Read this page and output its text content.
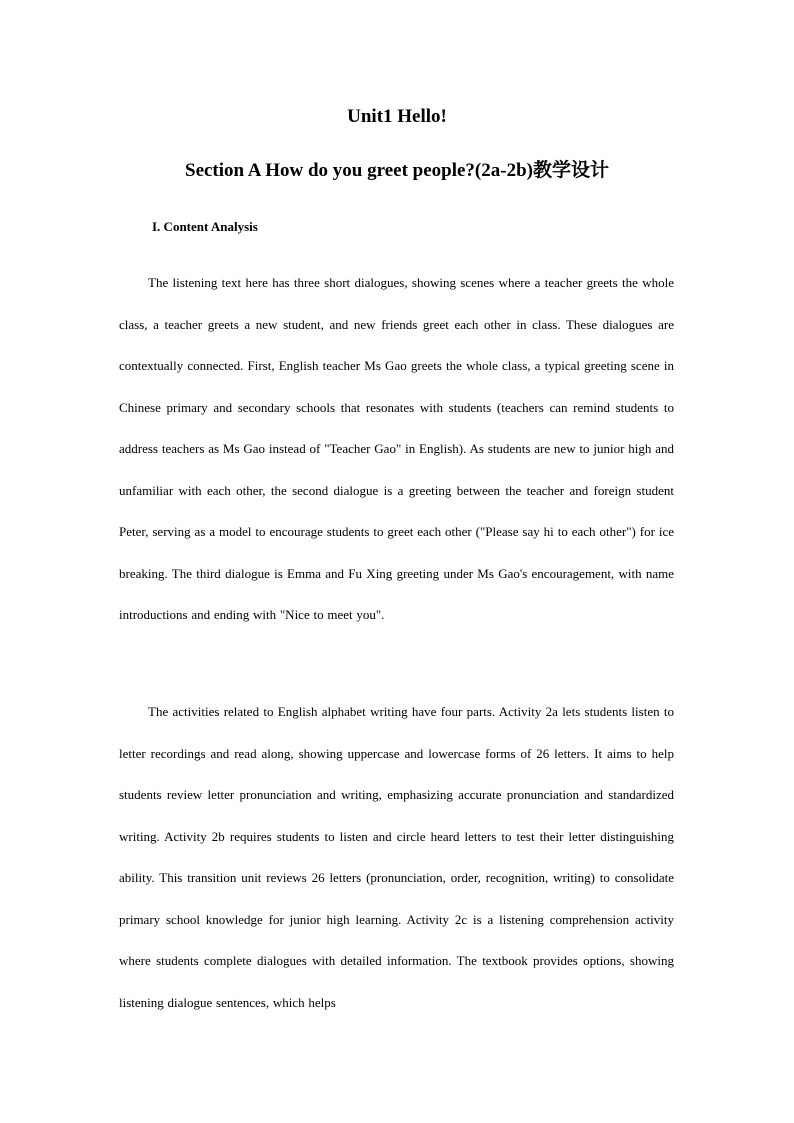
Unit1 Hello!
Section A How do you greet people?(2a-2b)教学设计
I. Content Analysis

The listening text here has three short dialogues, showing scenes where a teacher greets the whole class, a teacher greets a new student, and new friends greet each other in class. These dialogues are contextually connected. First, English teacher Ms Gao greets the whole class, a typical greeting scene in Chinese primary and secondary schools that resonates with students (teachers can remind students to address teachers as Ms Gao instead of "Teacher Gao" in English). As students are new to junior high and unfamiliar with each other, the second dialogue is a greeting between the teacher and foreign student Peter, serving as a model to encourage students to greet each other ("Please say hi to each other") for ice breaking. The third dialogue is Emma and Fu Xing greeting under Ms Gao's encouragement, with name introductions and ending with "Nice to meet you".

The activities related to English alphabet writing have four parts. Activity 2a lets students listen to letter recordings and read along, showing uppercase and lowercase forms of 26 letters. It aims to help students review letter pronunciation and writing, emphasizing accurate pronunciation and standardized writing. Activity 2b requires students to listen and circle heard letters to test their letter distinguishing ability. This transition unit reviews 26 letters (pronunciation, order, recognition, writing) to consolidate primary school knowledge for junior high learning. Activity 2c is a listening comprehension activity where students complete dialogues with detailed information. The textbook provides options, showing listening dialogue sentences, which helps
